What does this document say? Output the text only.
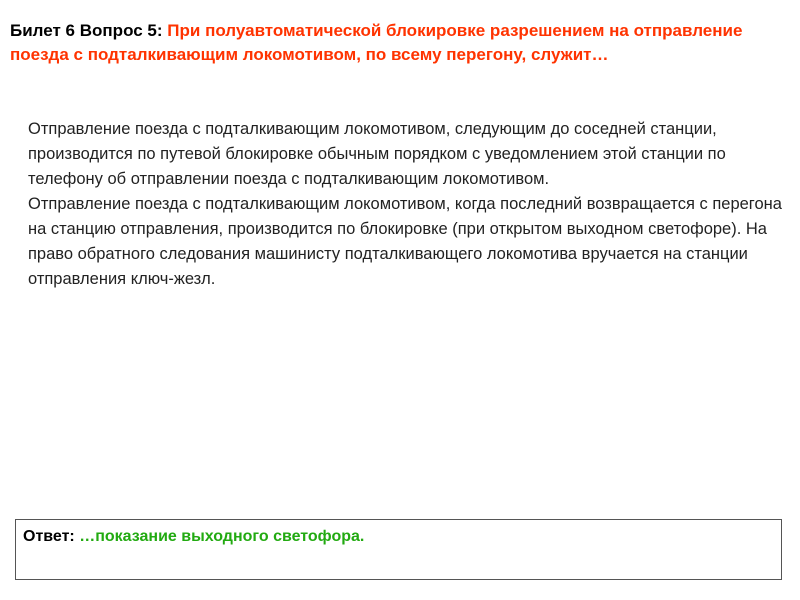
Билет 6 Вопрос 5: При полуавтоматической блокировке разрешением на отправление поезда с подталкивающим локомотивом, по всему перегону, служит…

Отправление поезда с подталкивающим локомотивом, следующим до соседней станции, производится по путевой блокировке обычным порядком с уведомлением этой станции по телефону об отправлении поезда с подталкивающим локомотивом.

Отправление поезда с подталкивающим локомотивом, когда последний возвращается с перегона на станцию отправления, производится по блокировке (при открытом выходном светофоре). На право обратного следования машинисту подталкивающего локомотива вручается на станции отправления ключ-жезл.

Ответ: …показание выходного светофора.
